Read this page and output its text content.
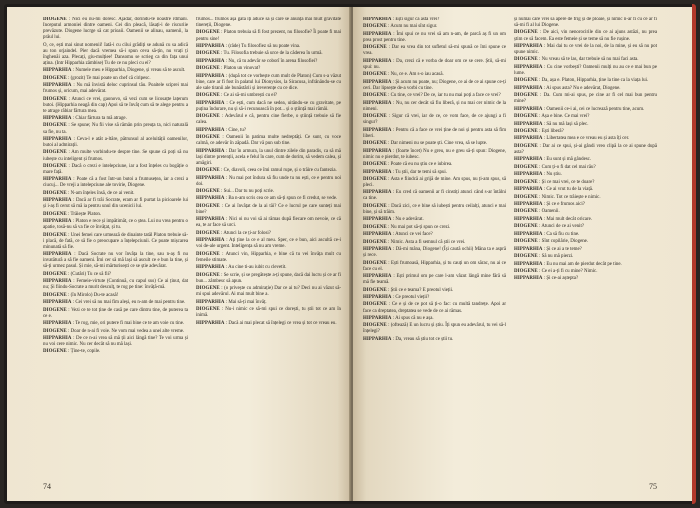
DIOGENE : Nici eu nu-mi doresc. Ajadar, dorindu-te noastre rdmani. Inceputul armoniei dintre oameni. Cei din pleacă, lăsați-i de riscuriie prevăzute. Diogene lucrge să cat prioaii. Oamenii se alinau, oamenii, la prâul lui.

O, ce, ești mai sinut nomenii! Iată-i cu cilui grădiți se adună cu sa adică au ton orjaindel. Pier dacă vremea să-i spun ceva să-țin, nu vrați ți înghenăi aza. Plecați, giu-mulțiee! Dansomu se scrieg ca din fața unui ațina. (Intr Hipparhia zâmbise) Tu de ce nu pleci cu ei?

HIPPARHIA : Numele meu e Hipparhia, Diogene, și vreau să te ascult.

DIOGENE : (grozit) Te mai poate un chef că ciripesc.

HIPPARHIA : Nu mă învistă deloc cuprinsul tău. Poaitele sciprei mai frumos și, oricum, mai adevărat.

DIOGENE : Atunci ce vrei, gaonovo, să vezi cum se licosațte lațerum butoi. (Hipparhia neagă din cap) Apoi să te învăț cum să te alege pentru a te atrage răbiar fărtura mea.

HIPPARHIA : Chiar fărtura ta mă atrage.

DIOGENE : Se spune; Nu fii vise să rămân prin preuța ta, nici naturală sa fie, nu ta.

HIPPARHIA : Ceva-l e atât a-ltăre, pătrunsul al aceluității oamenilor, butoi al admirații.

DIOGENE : Am multe vorbindu-te despre tine. Se spune că poți să nu iubește cu inteligent și frumos.

DIOGENE : Dacă o crezi e intelepciune, iar a fost înțeles cu bogăție o mare față.

HIPPARHIA : Poate că a fost într-un butoi a frumusețea, iar a crezi a ciucuj... De vreji a intelepciune ale tovirie, Diogene.

DIOGENE : N-am înțeles însă, de ce ai venit.

HIPPARHIA : Dacă ar fi trăi Socrate, eram ar fi purtat la picioarele lui și i-aș fi cerut să mă ia pentru unul din ucenicii lui.

DIOGENE : Trăiește Platon.

HIPPARHIA : Platon e rece și impătimăt, ce o ștea. Lui nu vrea pentru o apatie, tosă-nu să va fie ce învățat, și tu.

DIOGENE : Unei femei care urmează de dinainte tatăl Platon trebuie să-i placă, de fată, ce să fie o preocupare a înțelepciunii. Ce poate mișcarea minunată să fie.

HIPPARHIA : Dacă Socrate nu vor învăța la tine, sau n-aș fi nu invatătură a să fie oameni. Îmi cer să mă lași să ascult ce e bun la tine, și să-ți urmez pasul. Și mie, să-mi mărturisești ce se știe adevărat.

DIOGENE : (Cutări) Tu ce să fii?

HIPPARHIA : Femeie-virtute (Continuă, cu capul sus) Ce ai ținut, dat nu; Și fiindu-Socrate a murit desculț, te rog pe tine: învăță-mă.

DIOGENE : (în Mirolo) Du-te acasă!

HIPPARHIA : Cei vrei să nu mai fim aleși, eu n-am de mai pentru tine.

DIOGENE : Vezi ce te tot ține de casă pe care dintru tine, de puterea ta ce e.

HIPPARHIA : Te rog, mie, ori putere fi mai bine ce te am voie cu tine.

DIOGENE : Doar de n-ai fi voie. Ne vom mai vedea a unei alte vreme.

HIPPARHIA : De ce n-ai vrea să mă ții aici lângă tine? Te voi urma și nu voi cere nimic. Nu cer decât să nu mă lași.

DIOGENE : Ține-te, copile.

frumos... frumos așa gata iți aduce să și care se anunță mai mult gravitate tinereții, Diogene.

DIOGENE : Platon trebuia să fi fost prezent, nu filosofie? Îi poate fi mai pentru sine!

HIPPARHIA : (râde) Tu filosofiez să nu poate vina.

DIOGENE : Tu. Filosofia trebuie să urce de la căderea în urmă.

HIPPARHIA : Nu, că tu adevăr se coborî în arena filosofiei?

DIOGENE : Platon un vinovat?

HIPPARHIA : (după tot ce vorbește cum mult de Platon) Cum s-a văzut bine, care ar fi fost în palatul lui Dionysios, la Siracusa, infrânându-se cu ale sale tiranii ale bunăstării și ireverențe cu ce dice.

DIOGENE : Ce ai să-mi umbrești cu el?

HIPPARHIA : Ce ești, cum dacă ne sedea, uitându-se cu gravitate, pe puțina îndurare, nu și să-i recunoască în pot... și o știință mai rămâi.

DIOGENE : Adevărul e că, pentru cine fierbe, o știință trebuie să fie calea.

HIPPARHIA : Cine, tu?

DIOGENE : Oamenii în patima multe nedreptăți. Ce sunt, cu voce calmă, ce adevăr în zăpadă. Dar vă pun sub tine.

HIPPARHIA : Dar în armura, la unul dintre zilele din paradis, ca să mă lași dintre pretenții, acela e felul în care, cum de dorim, să vedem calea, și amăgiri.

DIOGENE : Ce, diavoli, ceea ce îmi ramul rupe, și o trăire cu fantezia.

HIPPARHIA : Nu mai pot îndura să fiu unde tu nu ești, ce e pentru noi doi.

DIOGENE : Sui... Dar tu nu poți scrie.

HIPPARHIA : Ba n-am scris cea ce am să-ți spun ce fi credut, se vede.

DIOGENE : Ce ai învățat de la ai tăi? Ce e lucrul pe care sunteți mai bine?

HIPPARHIA : Nici oi nu voi să ai rămas după fiecare om nevoie, ce că ea, te ar face să urci.

DIOGENE : Atunci la ce ți-ar folosi?

HIPPARHIA : Ați ține la ce e al meu. Sper, ce e bun, aici ascultă ce-i voi de-ale urgent. Inteligența să nu am vreme.

DIOGENE : Atunci vin, Hipparhia, e bine că tu vei învăța mult cu femeile stimate.

HIPPARHIA : Au cine ti-au iubit cu clevetit.

DIOGENE : Se scrie, și se pregătește a-ți spune, dacă dai lucru și ce ar fi bun... zâmbesc să apun.

DIOGENE : (o privește cu admirație) Dar ce ai tu? Deci nu ai văzut să-mi spui adevărul. Ai mai mult bine a.

HIPPARHIA : Mai să-ți mai învăț.

DIOGENE : Nu-i nimic ce să-mi spui ce dorești, tu știi tot ce am în inimă.

HIPPARHIA : Dacă ai mai plecat să înțelegi ce vrea și tot ce vreau eu.

74

HIPPARHIA : Ești sigur că asta vrei?

DIOGENE : Acum nu mai sînt sigur.

HIPPARHIA : Îmi spui ce nu vrei să am n-am, de parcă aș fi un om prea prost pentru tine.

DIOGENE : Dar ea vrea din tot sufletul să-mi spună ce îmi spune ce vrea.

HIPPARHIA : Da, crezi că e vorba de doar om ce se cere. Știi, să-mi spui: nu.

DIOGENE : Nu, ce e. Am s-o iau acasă.

HIPPARHIA : Și acum nu poate, nu; Diogene, ce ai de ce ai spune ce-ți ceri. Dar lipsește de-a vorbi cu tine.

DIOGENE : Cu tine, ce vrei? De ce, iar tu nu mai poți a face ce vrei?

HIPPARHIA : Nu, nu cer decât să fiu liberă, și nu mai cer nimic de la nimeni.

DIOGENE : Sigur că vrei, iar de ce, ce vom face, de ce ajungi a fi singur?

HIPPARHIA : Pentru că a face ce vrei ține de noi și pentru asta să fim liberi.

DIOGENE : Dar nimeni nu se poate ști. Cine vrea, să se lupte.

HIPPARHIA : (foarte încet) Nu e greu, nu e greu să-ți spun: Diogene, nimic nu e pierdut, te iubesc.

DIOGENE : Poate că eu nu știu ce e iubirea.

HIPPARHIA : Tu știi, dar te temi să spui.

DIOGENE : Asta e fiindcă ai grijă de mine. Am spus, nu ți-am spus, să pleci.

HIPPARHIA : Eu cred că oamenii ar fi cinstiți atunci când s-ar întâlni ca tine.

DIOGENE : Dacă zici, ce e bine să iubești pentru ceilalți, atunci e mai bine, și să trăim.

HIPPARHIA : Nu e adevărat.

DIOGENE : Nu mai pot să-ți spun ce crezi.

HIPPARHIA : Atunci ce vei face?

DIOGENE : Nimic. Asta a fi semnul că știi ce vrei.

HIPPARHIA : Dă-mi mâna, Diogene! (Își caută ochii) Mâna ta e aspră și rece.

DIOGENE : Ești frumoasă, Hipparhia, și tu cauți un om sărac, nu ai ce face cu el.

HIPPARHIA : Ești primul om pe care l-am văzut lângă mine fără să mă fie teamă.

DIOGENE : Știi ce e teama? E preotul vieții.

HIPPARHIA : Ce preotul vieții?

DIOGENE : Ce e și de ce pot să ți-o fac: cu multă tandrețe. Apoi ar face ca dreptatea, dreptatea se vede de ce ai rămas.

HIPPARHIA : Ai spus că nu e așa.

DIOGENE : (oftează) E un lucru și știu. Îți spun eu adevărul, tu vei să-l înțelegi?

HIPPARHIA : Da, vreau să știu tot ce știi tu.

și numai care vrei să apere de frig și de ploaie, și nimic n-ar fi cu ce ar fi să-mi fi al lui Diogene.

DIOGENE : De aici, vin nenorocirile din ce ai ajuns astăzi, nu prea știm ce să facem. Ea este femeie și se teme să nu fie rușine.

HIPPARHIA : Mai dai tu ce vrei de la noi, de la mine, și eu să nu pot spune nimic.

DIOGENE : Nu vreau să te las, dar trebuie să nu mai faci asta.

HIPPARHIA : Cu cine vorbești? Oamenii mulți nu au ce e mai bun pe lume.

DIOGENE : Da, așa e. Platon, Hipparhia, ține la tine ca la viața lui.

HIPPARHIA : Ai spus asta? Nu e adevărat, Diogene.

DIOGENE : Da. Cum mi-ai spus, pe cine ar fi cel mai bun pentru mine?

HIPPARHIA : Oamenii ce-i ai, cei ce lucrează pentru tine, acum.

DIOGENE : Așa e bine. Ce mai vrei?

HIPPARHIA : Să nu mă lași să plec.

DIOGENE : Ești liberă?

HIPPARHIA : Libertatea mea e ce vreau eu și asta îți cer.

DIOGENE : Dar ai ce spui, și-ai gândi vreo clipă la ce ai spune după asta?

HIPPARHIA : Eu sunt și mă gândesc.

DIOGENE : Cum ți-o fi dat cel mai rău?

HIPPARHIA : Nu știu.

DIOGENE : Și ce mai vrei, ce te doare?

HIPPARHIA : Ce ai vrut tu de la viață.

DIOGENE : Nimic. Tot ce trăiește e nimic.

HIPPARHIA : Și ce e frumos aici?

DIOGENE : Oamenii.

HIPPARHIA : Mai mult decât oricare.

DIOGENE : Atunci de ce ai venit?

HIPPARHIA : Ca să fiu cu tine.

DIOGENE : Sînt copilărie, Diogene.

HIPPARHIA : Și ce ai a te teme?

DIOGENE : Să nu mă pierzi.

HIPPARHIA : Eu nu mai am de pierdut decât pe tine.

DIOGENE : Ce ei a-ți fi cu mine? Nimic.

HIPPARHIA : Și ce-ai aștepta?

75
